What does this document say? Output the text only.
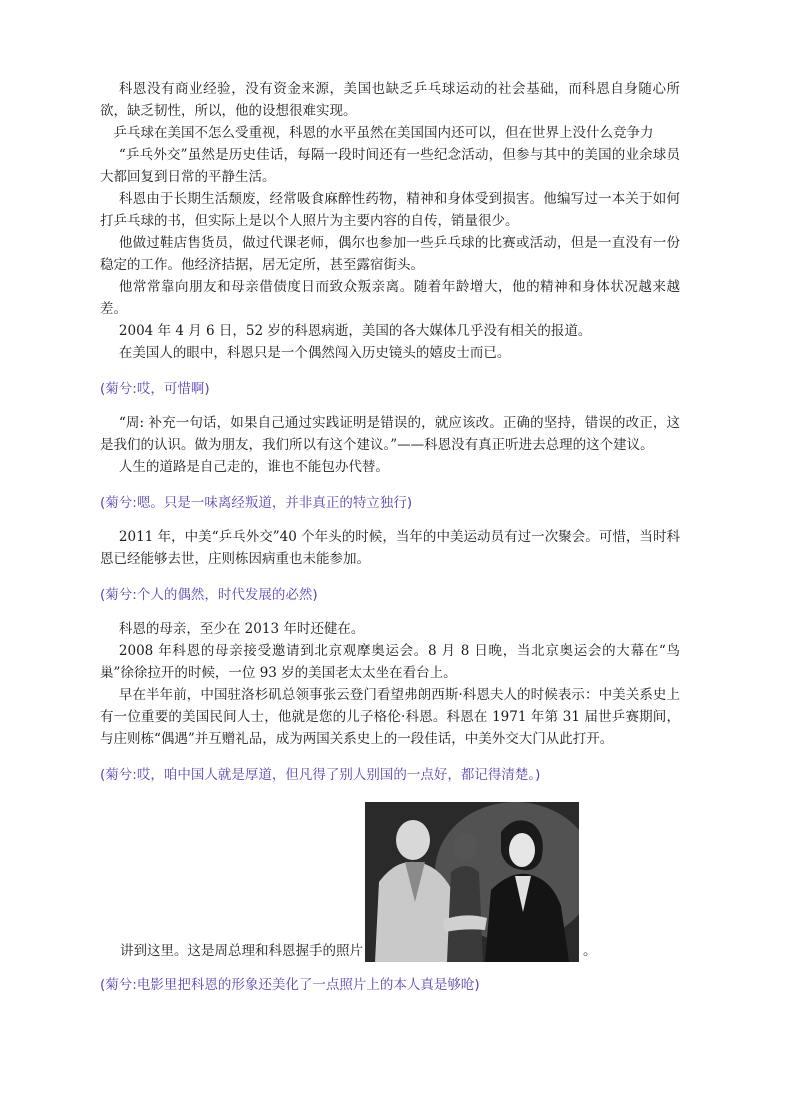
科恩没有商业经验，没有资金来源，美国也缺乏乒乓球运动的社会基础，而科恩自身随心所欲，缺乏韧性，所以，他的设想很难实现。

乒乓球在美国不怎么受重视，科恩的水平虽然在美国国内还可以，但在世界上没什么竞争力

“乒乓外交”虽然是历史佳话，每隔一段时间还有一些纪念活动，但参与其中的美国的业余球员大都回复到日常的平静生活。

科恩由于长期生活颓废，经常吸食麻醉性药物，精神和身体受到损害。他编写过一本关于如何打乒乓球的书，但实际上是以个人照片为主要内容的自传，销量很少。

他做过鞋店售货员，做过代课老师，偶尔也参加一些乒乓球的比赛或活动，但是一直没有一份稳定的工作。他经济拮据，居无定所，甚至露宿街头。

他常常靠向朋友和母亲借债度日而致众叛亲离。随着年龄增大，他的精神和身体状况越来越差。

2004 年 4 月 6 日，52 岁的科恩病逝，美国的各大媒体几乎没有相关的报道。

在美国人的眼中，科恩只是一个偶然闯入历史镜头的嬉皮士而已。

(菊兮:哎，可惜啊)

“周: 补充一句话，如果自己通过实践证明是错误的，就应该改。正确的坚持，错误的改正，这是我们的认识。做为朋友，我们所以有这个建议。”——科恩没有真正听进去总理的这个建议。

人生的道路是自己走的，谁也不能包办代替。

(菊兮:嗯。只是一味离经叛道，并非真正的特立独行)

2011 年，中美“乒乓外交”40 个年头的时候，当年的中美运动员有过一次聚会。可惜，当时科恩已经能够去世，庄则栋因病重也未能参加。

(菊兮:个人的偶然，时代发展的必然)

科恩的母亲，至少在 2013 年时还健在。

2008 年科恩的母亲接受邀请到北京观摩奥运会。8 月 8 日晚，当北京奥运会的大幕在“鸟巢”徐徐拉开的时候，一位 93 岁的美国老太太坐在看台上。

早在半年前，中国驻洛杉矶总领事张云登门看望弗朗西斯·科恩夫人的时候表示：中美关系史上有一位重要的美国民间人士，他就是您的儿子格伦·科恩。科恩在 1971 年第 31 届世乒赛期间，与庄则栋“偶遇”并互赠礼品，成为两国关系史上的一段佳话，中美外交大门从此打开。

(菊兮:哎，咱中国人就是厚道，但凡得了别人别国的一点好，都记得清楚。)

讲到这里。这是周总理和科恩握手的照片	。

(菊兮:电影里把科恩的形象还美化了一点照片上的本人真是够呛)
